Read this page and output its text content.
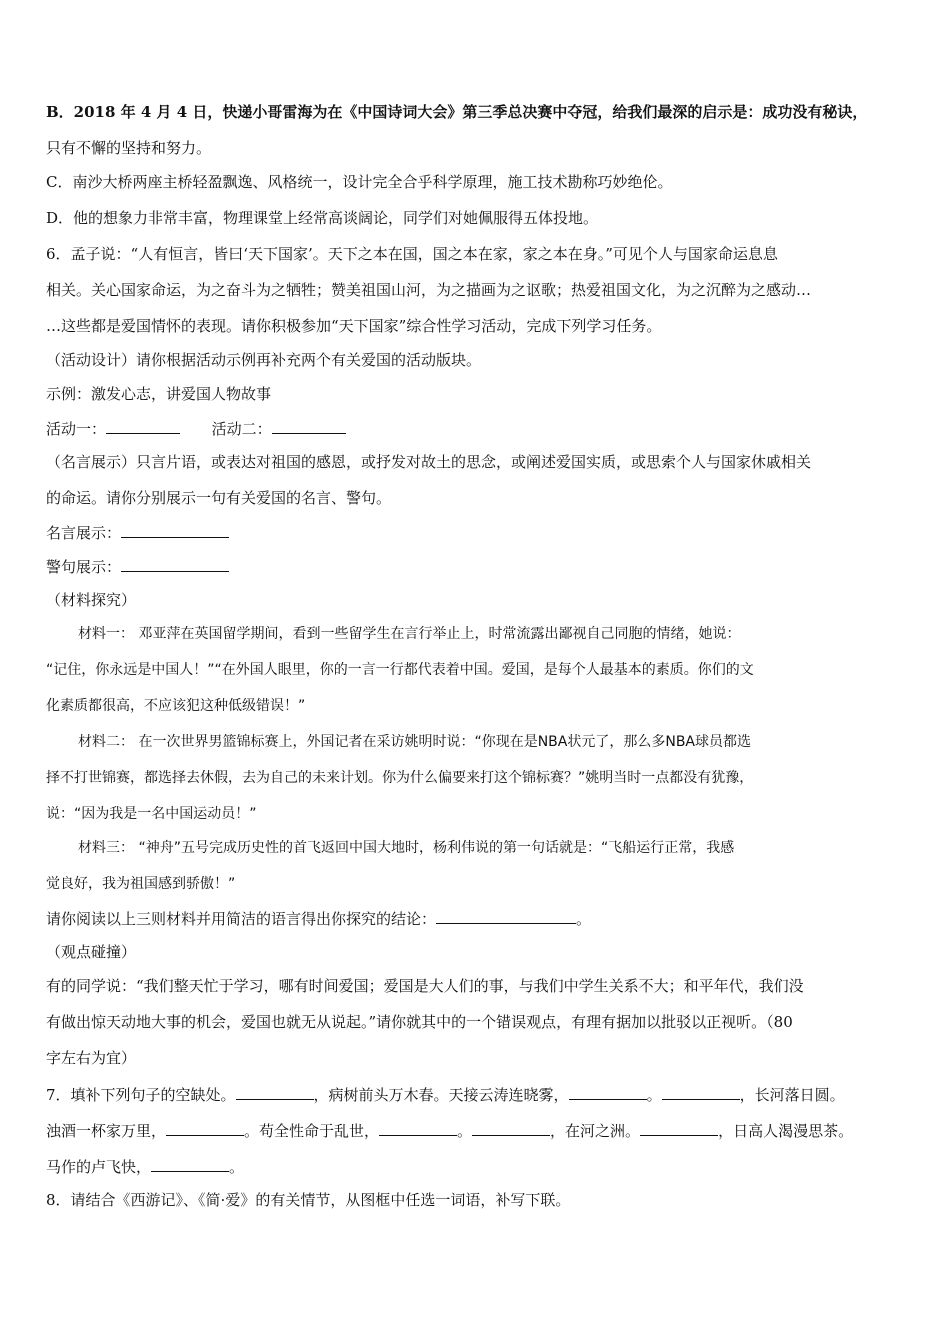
B．2018 年 4 月 4 日，快递小哥雷海为在《中国诗词大会》第三季总决赛中夺冠，给我们最深的启示是：成功没有秘诀，
只有不懈的坚持和努力。
C．南沙大桥两座主桥轻盈飘逸、风格统一，设计完全合乎科学原理，施工技术勘称巧妙绝伦。
D．他的想象力非常丰富，物理课堂上经常高谈阔论，同学们对她佩服得五体投地。
6．孟子说：“人有恒言，皆曰‘天下国家’。天下之本在国，国之本在家，家之本在身。”可见个人与国家命运息息
相关。关心国家命运，为之奋斗为之牺牲；赞美祖国山河，为之描画为之讴歌；热爱祖国文化，为之沉醉为之感动…
…这些都是爱国情怀的表现。请你积极参加“天下国家”综合性学习活动，完成下列学习任务。
（活动设计）请你根据活动示例再补充两个有关爱国的活动版块。
示例：激发心志，讲爱国人物故事
活动一：	活动二：
（名言展示）只言片语，或表达对祖国的感恩，或抒发对故土的思念，或阐述爱国实质，或思索个人与国家休戚相关
的命运。请你分别展示一句有关爱国的名言、警句。
名言展示：
警句展示：
（材料探究）
材料一： 邓亚萍在英国留学期间，看到一些留学生在言行举止上，时常流露出鄙视自己同胞的情绪，她说：
“记住，你永远是中国人！”“在外国人眼里，你的一言一行都代表着中国。爱国，是每个人最基本的素质。你们的文
化素质都很高，不应该犯这种低级错误！”
材料二： 在一次世界男篮锦标赛上，外国记者在采访姚明时说：“你现在是NBA状元了，那么多NBA球员都选
择不打世锦赛，都选择去休假，去为自己的未来计划。你为什么偏要来打这个锦标赛？”姚明当时一点都没有犹豫，
说：“因为我是一名中国运动员！”
材料三： “神舟”五号完成历史性的首飞返回中国大地时，杨利伟说的第一句话就是：“飞船运行正常，我感
觉良好，我为祖国感到骄傲！”
请你阅读以上三则材料并用简洁的语言得出你探究的结论：	。
（观点碰撞）
有的同学说：“我们整天忙于学习，哪有时间爱国；爱国是大人们的事，与我们中学生关系不大；和平年代，我们没
有做出惊天动地大事的机会，爱国也就无从说起。”请你就其中的一个错误观点，有理有据加以批驳以正视听。（80
字左右为宜）
7．填补下列句子的空缺处。	，病树前头万木春。天接云涛连晓雾，	。	，长河落日圆。
浊酒一杯家万里，	。苟全性命于乱世，	。	，在河之洲。	，日高人渴漫思茶。
马作的卢飞快，	。
8．请结合《西游记》、《简·爱》的有关情节，从图框中任选一词语，补写下联。
